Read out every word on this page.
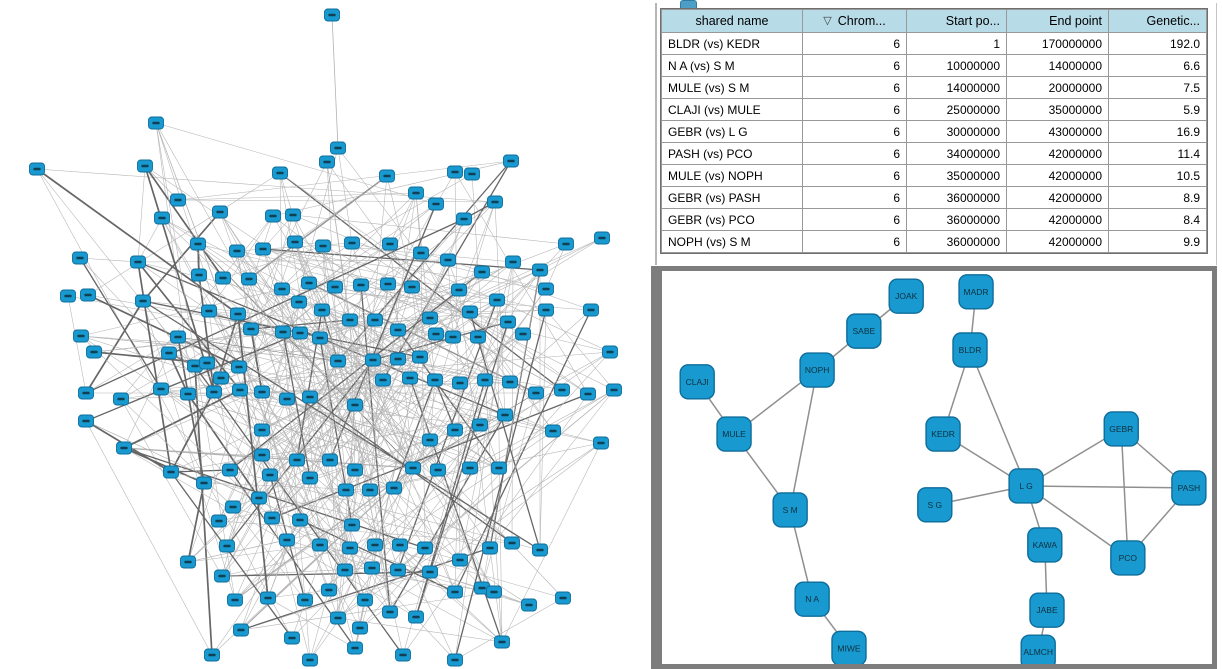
shared name	▽ Chrom...	Start po...	End point	Genetic...
BLDR (vs) KEDR	6	1	170000000	192.0
N A (vs) S M	6	10000000	14000000	6.6
MULE (vs) S M	6	14000000	20000000	7.5
CLAJI (vs) MULE	6	25000000	35000000	5.9
GEBR (vs) L G	6	30000000	43000000	16.9
PASH (vs) PCO	6	34000000	42000000	11.4
MULE (vs) NOPH	6	35000000	42000000	10.5
GEBR (vs) PASH	6	36000000	42000000	8.9
GEBR (vs) PCO	6	36000000	42000000	8.4
NOPH (vs) S M	6	36000000	42000000	9.9
JOAK	MADR
SABE
BLDR
NOPH
CLAJI
MULE	KEDR
GEBR
L G	PASH
S G
S M
KAWA
PCO
N A
JABE
MIWE	ALMCH
